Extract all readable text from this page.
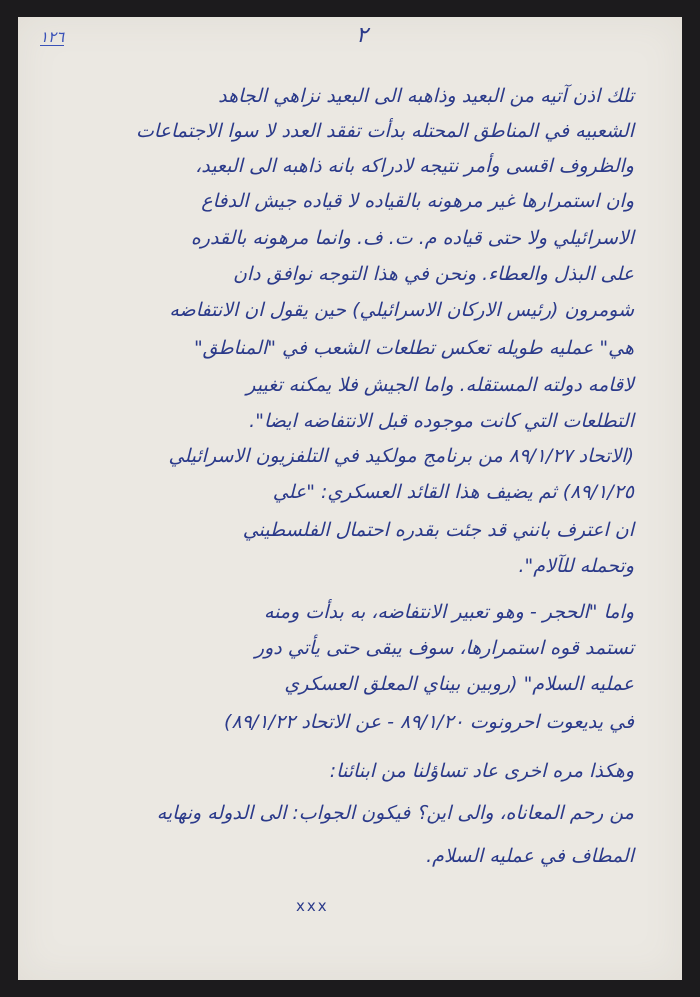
١٢٦	٢
تلك اذن آتيه من البعيد وذاهبه الى البعيد نزاهي الجاهد
الشعبيه في المناطق المحتله بدأت تفقد العدد لا سوا الاجتماعات
والظروف اقسى وأمر نتيجه لادراكه بانه ذاهبه الى البعيد،
وان استمرارها غير مرهونه بالقياده لا قياده جيش الدفاع
الاسرائيلي ولا حتى قياده م. ت. ف. وانما مرهونه بالقدره
على البذل والعطاء. ونحن في هذا التوجه نوافق دان
شومرون (رئيس الاركان الاسرائيلي) حين يقول ان الانتفاضه
هي" عمليه طويله تعكس تطلعات الشعب في "المناطق"
لاقامه دولته المستقله. واما الجيش فلا يمكنه تغيير
التطلعات التي كانت موجوده قبل الانتفاضه ايضا".
(الاتحاد ٨٩/١/٢٧ من برنامج مولكيد في التلفزيون الاسرائيلي
٨٩/١/٢٥) ثم يضيف هذا القائد العسكري: "علي
ان اعترف بانني قد جئت بقدره احتمال الفلسطيني
وتحمله للآلام".
واما "الحجر - وهو تعبير الانتفاضه، به بدأت ومنه
تستمد قوه استمرارها، سوف يبقى حتى يأتي دور
عمليه السلام" (روبين بيناي المعلق العسكري
في يديعوت احرونوت ٨٩/١/٢٠ - عن الاتحاد ٨٩/١/٢٢)
وهكذا مره اخرى عاد تساؤلنا من ابنائنا:
من رحم المعاناه، والى اين؟ فيكون الجواب: الى الدوله ونهايه
المطاف في عمليه السلام.
xxx
